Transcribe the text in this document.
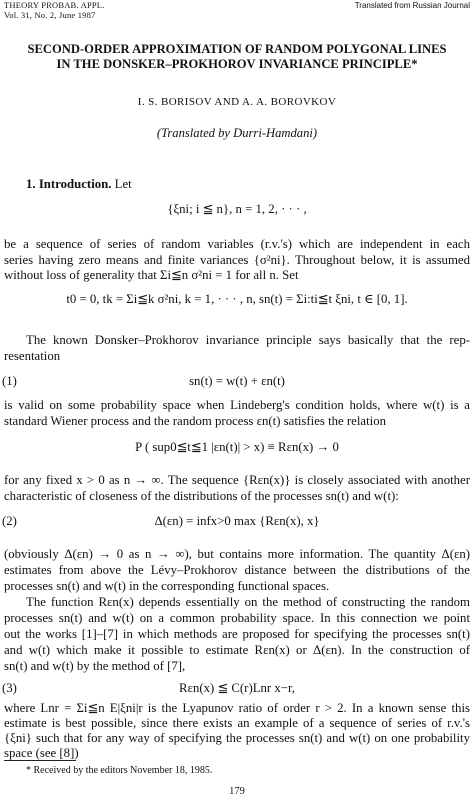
THEORY PROBAB. APPL.
Vol. 31, No. 2, June 1987
Translated from Russian Journal
SECOND-ORDER APPROXIMATION OF RANDOM POLYGONAL LINES
IN THE DONSKER–PROKHOROV INVARIANCE PRINCIPLE*
I. S. BORISOV AND A. A. BOROVKOV
(Translated by Durri-Hamdani)
1. Introduction. Let
{ξni; i ≦ n}, n = 1, 2, · · · ,
be a sequence of series of random variables (r.v.'s) which are independent in each
series having zero means and finite variances {σ²ni}. Throughout below, it is assumed
without loss of generality that Σi≦n σ²ni = 1 for all n. Set
t0 = 0, tk = Σi≦k σ²ni, k = 1, · · · , n, sn(t) = Σi:ti≦t ξni, t ∈ [0, 1].
The known Donsker–Prokhorov invariance principle says basically that the rep-
resentation
(1)	sn(t) = w(t) + εn(t)
is valid on some probability space when Lindeberg's condition holds, where w(t) is a
standard Wiener process and the random process εn(t) satisfies the relation
P ( sup0≦t≦1 |εn(t)| > x) ≡ Rεn(x) → 0
for any fixed x > 0 as n → ∞. The sequence {Rεn(x)} is closely associated with another
characteristic of closeness of the distributions of the processes sn(t) and w(t):
(2)	Δ(εn) = infx>0 max {Rεn(x), x}
(obviously Δ(εn) → 0 as n → ∞), but contains more information. The quantity Δ(εn)
estimates from above the Lévy–Prokhorov distance between the distributions of the
processes sn(t) and w(t) in the corresponding functional spaces.
The function Rεn(x) depends essentially on the method of constructing the random
processes sn(t) and w(t) on a common probability space. In this connection we point
out the works [1]–[7] in which methods are proposed for specifying the processes sn(t)
and w(t) which make it possible to estimate Rεn(x) or Δ(εn). In the construction of
sn(t) and w(t) by the method of [7],
(3)	Rεn(x) ≦ C(r)Lnr x−r,
where Lnr = Σi≦n E|ξni|r is the Lyapunov ratio of order r > 2. In a known sense this
estimate is best possible, since there exists an example of a sequence of series of r.v.'s
{ξni} such that for any way of specifying the processes sn(t) and w(t) on one probability
space (see [8])
* Received by the editors November 18, 1985.
179
